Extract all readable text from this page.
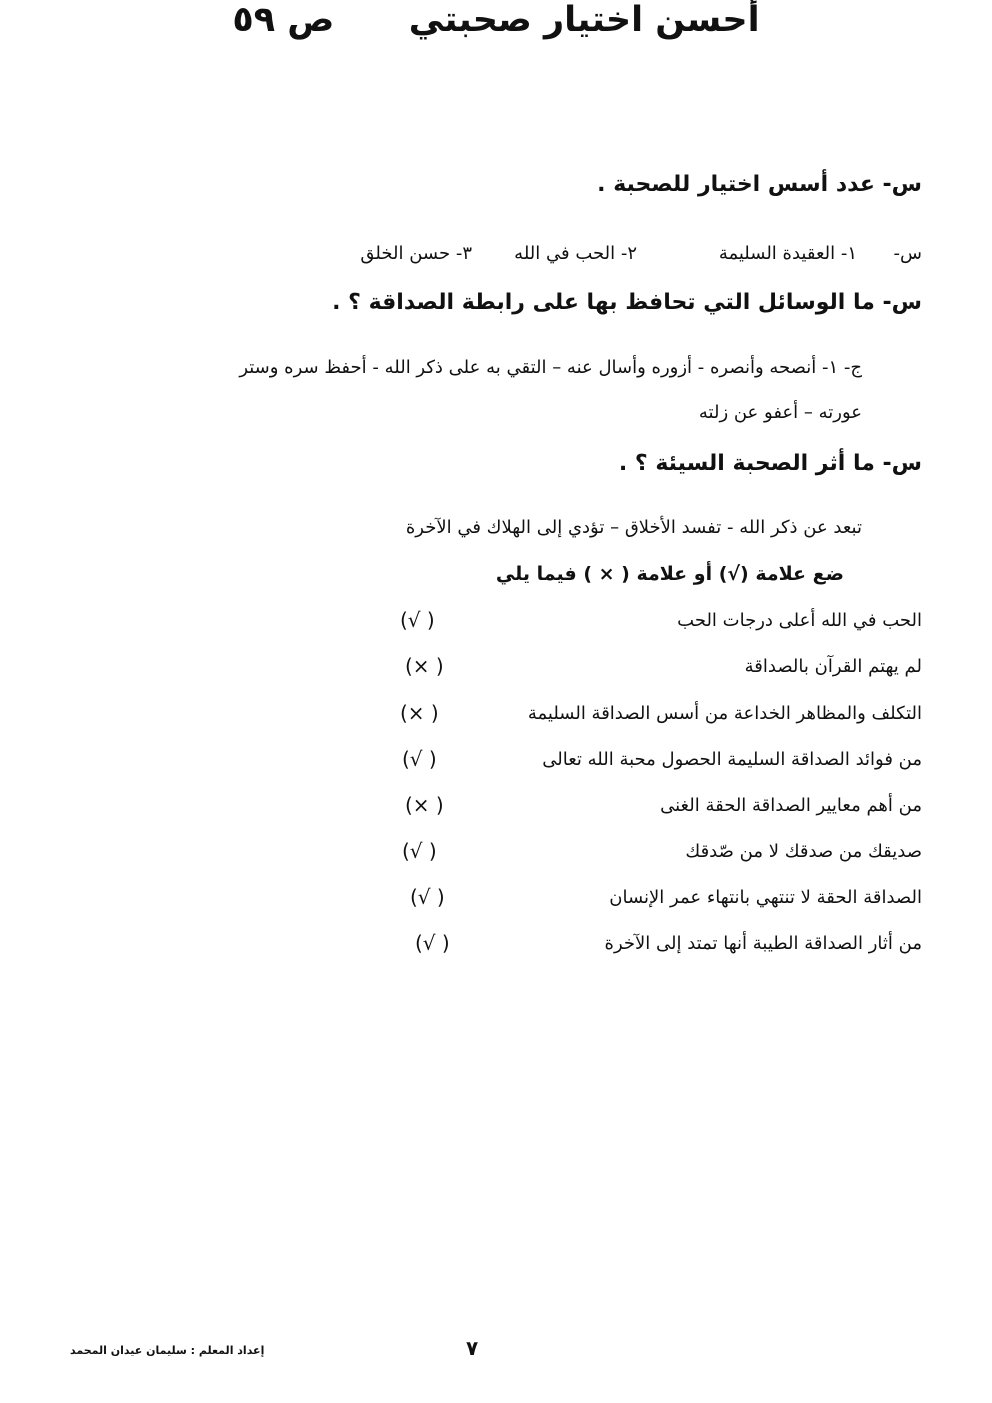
أحسن اختيار صحبتي  ص ٥٩
س- عدد أسس اختيار للصحبة .
س-
١- العقيدة السليمة
٢- الحب في الله
٣- حسن الخلق
س- ما الوسائل التي تحافظ بها على رابطة الصداقة ؟ .
ج- ١- أنصحه وأنصره - أزوره وأسال عنه – التقي به على ذكر الله - أحفظ سره وستر
عورته – أعفو عن زلته
س- ما أثر الصحبة السيئة ؟ .
تبعد عن ذكر الله - تفسد الأخلاق – تؤدي إلى الهلاك في الآخرة
ضع علامة (√) أو علامة ( × ) فيما يلي
الحب في الله أعلى درجات الحب
(√ )
لم يهتم القرآن بالصداقة
(× )
التكلف والمظاهر الخداعة من أسس الصداقة السليمة
(× )
من فوائد الصداقة السليمة الحصول محبة الله تعالى
(√ )
من أهم معايير الصداقة الحقة الغنى
(× )
صديقك من صدقك لا من صّدقك
(√ )
الصداقة الحقة لا تنتهي بانتهاء عمر الإنسان
(√ )
من أثار الصداقة الطيبة أنها تمتد إلى الآخرة
(√ )
٧
إعداد المعلم : سليمان عيدان المحمد
